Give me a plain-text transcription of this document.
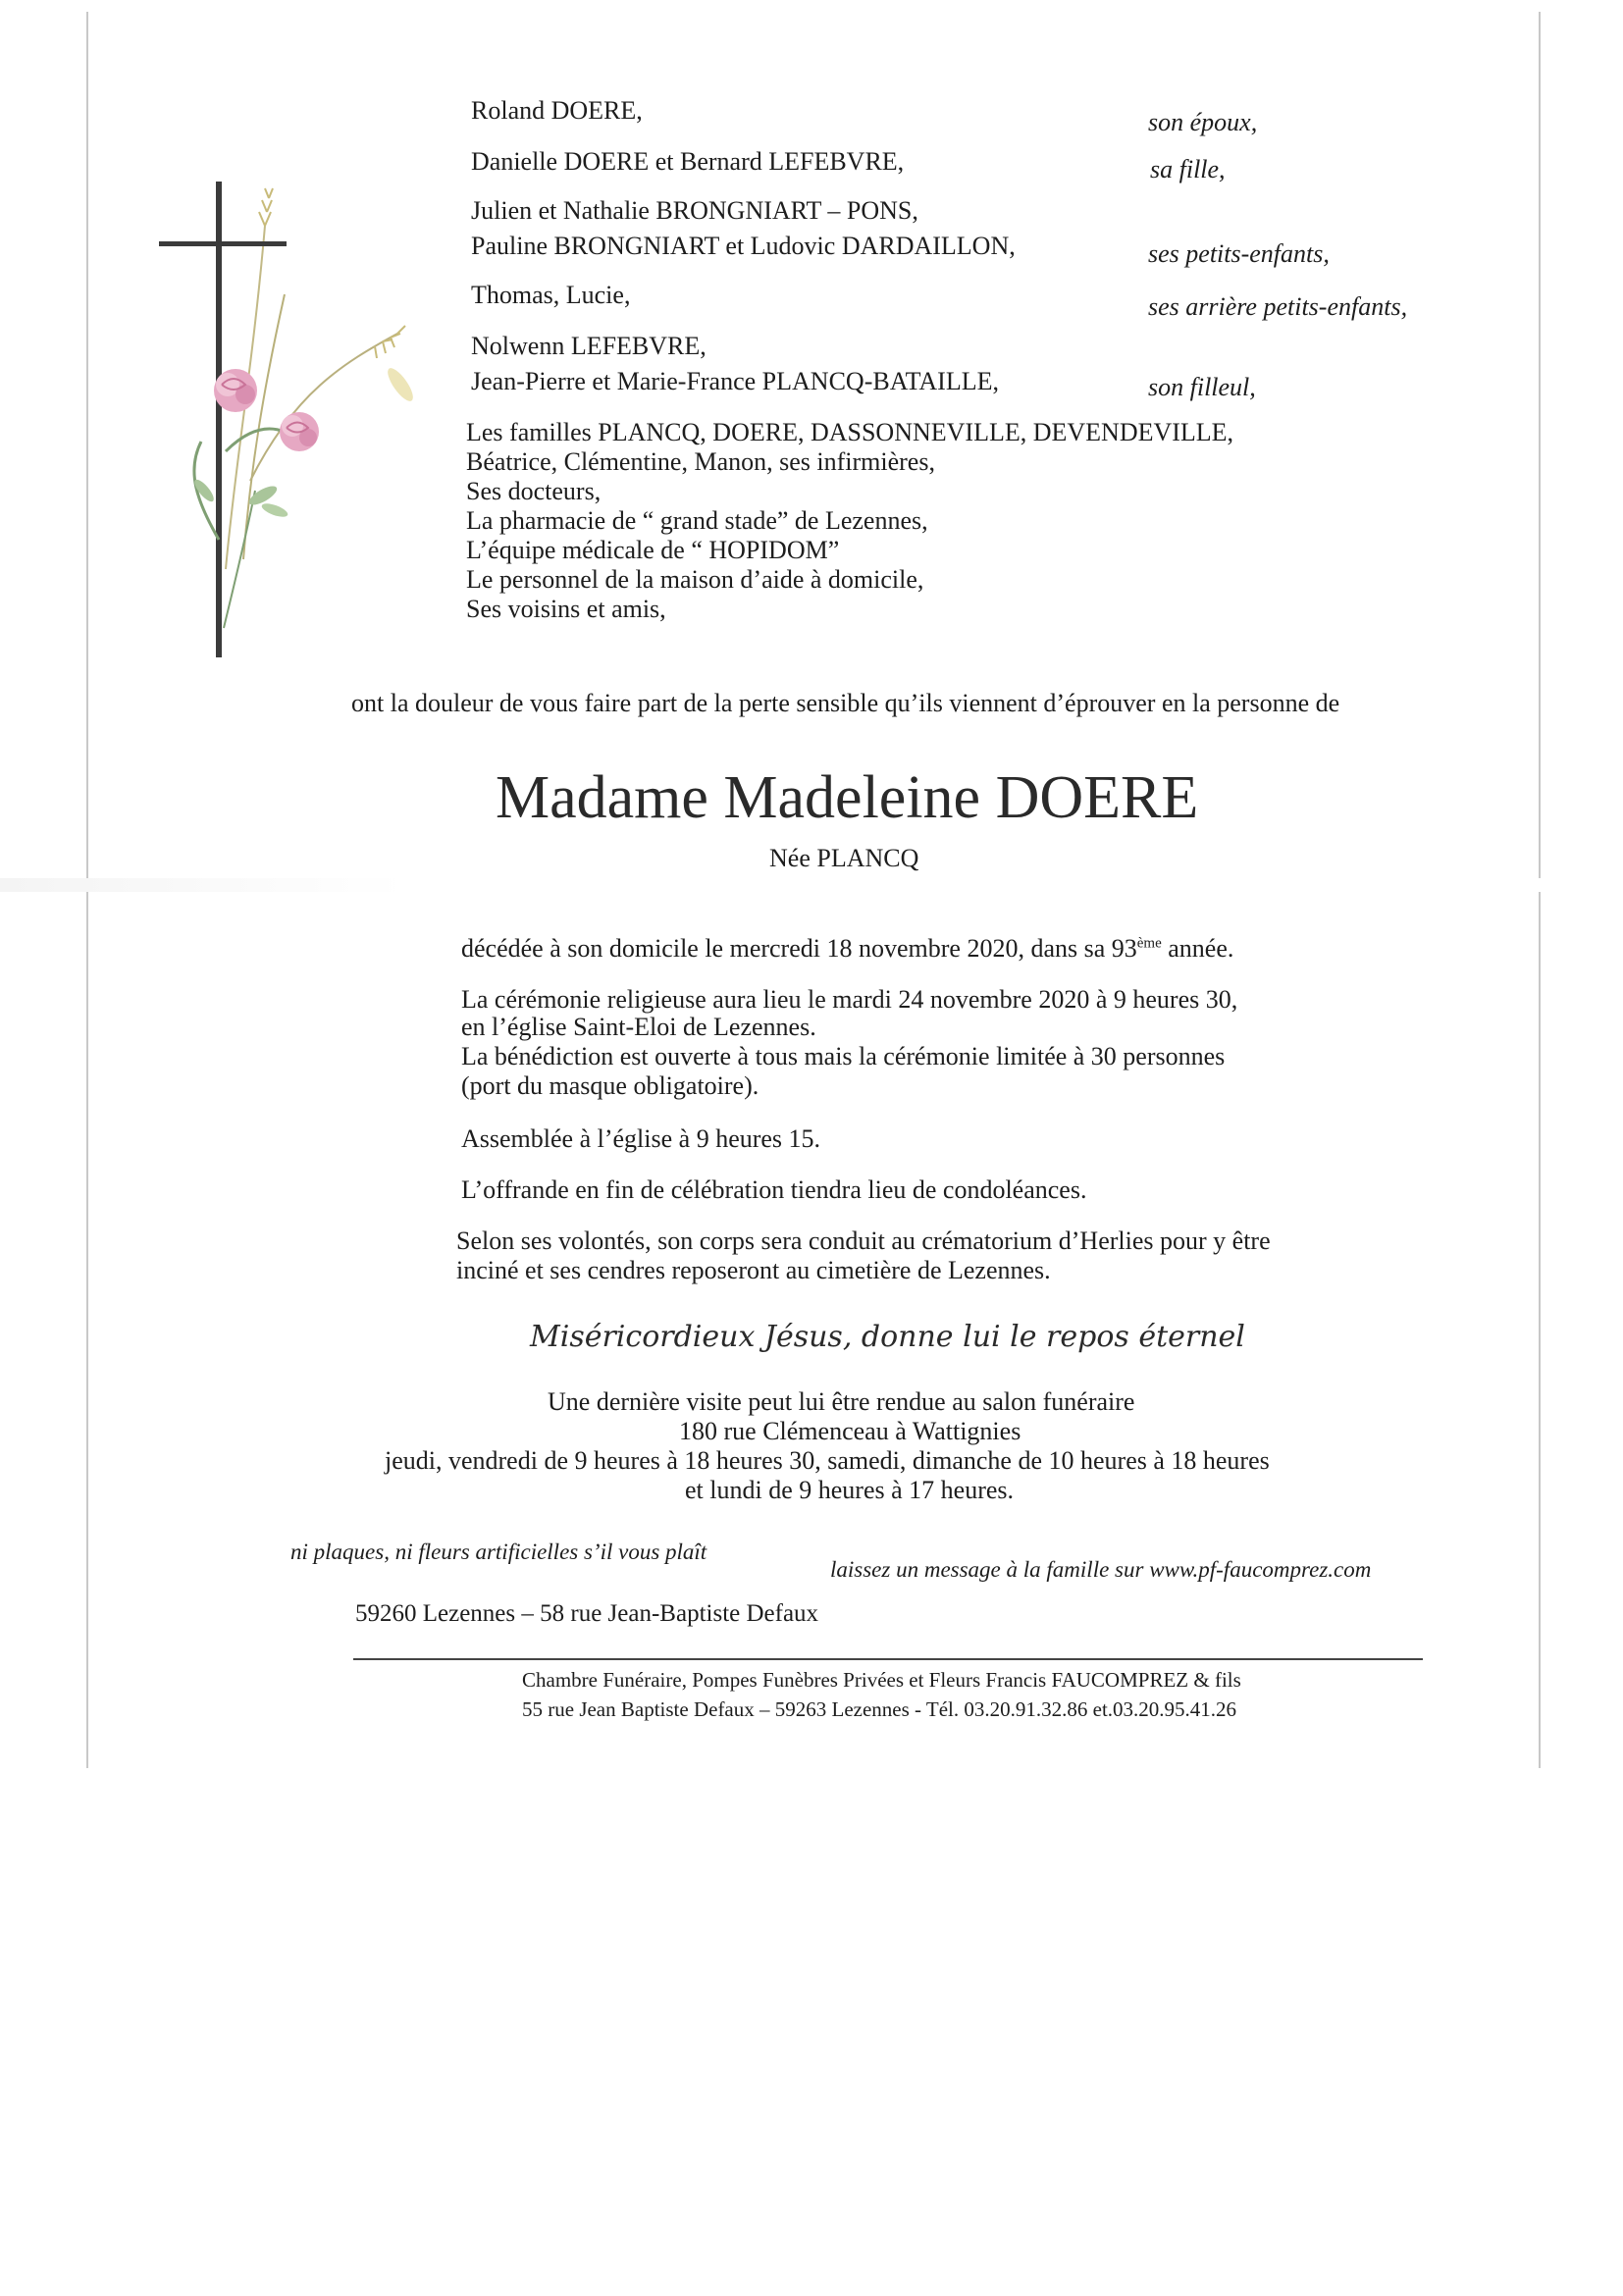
Roland DOERE,	son époux,
Danielle DOERE et Bernard LEFEBVRE,	sa fille,
Julien et Nathalie BRONGNIART – PONS,
Pauline BRONGNIART et Ludovic DARDAILLON,	ses petits-enfants,
Thomas, Lucie,	ses arrière petits-enfants,
Nolwenn LEFEBVRE,
Jean-Pierre et Marie-France PLANCQ-BATAILLE,	son filleul,
Les familles PLANCQ, DOERE, DASSONNEVILLE, DEVENDEVILLE,
Béatrice, Clémentine, Manon, ses infirmières,
Ses docteurs,
La pharmacie de “ grand stade” de Lezennes,
L’équipe médicale de “ HOPIDOM”
Le personnel de la maison d’aide à domicile,
Ses voisins et amis,
ont la douleur de vous faire part de la perte sensible qu’ils viennent d’éprouver en la personne de
Madame Madeleine DOERE
Née PLANCQ
décédée à son domicile le mercredi 18 novembre 2020, dans sa 93ème année.
La cérémonie religieuse aura lieu le mardi 24 novembre 2020 à 9 heures 30,
en l’église Saint-Eloi de Lezennes.
La bénédiction est ouverte à tous mais la cérémonie limitée à 30 personnes
(port du masque obligatoire).
Assemblée à l’église à 9 heures 15.
L’offrande en fin de célébration tiendra lieu de condoléances.
Selon ses volontés, son corps sera conduit au crématorium d’Herlies pour y être
inciné et ses cendres reposeront au cimetière de Lezennes.
Miséricordieux Jésus, donne lui le repos éternel
Une dernière visite peut lui être rendue au salon funéraire
180 rue Clémenceau à Wattignies
jeudi, vendredi de 9 heures à 18 heures 30, samedi, dimanche de 10 heures à 18 heures
et lundi de 9 heures à 17 heures.
ni plaques, ni fleurs artificielles s’il vous plaît
laissez un message à la famille sur www.pf-faucomprez.com
59260 Lezennes – 58 rue Jean-Baptiste Defaux
Chambre Funéraire, Pompes Funèbres Privées et Fleurs Francis FAUCOMPREZ & fils
55 rue Jean Baptiste Defaux – 59263 Lezennes - Tél. 03.20.91.32.86 et.03.20.95.41.26
